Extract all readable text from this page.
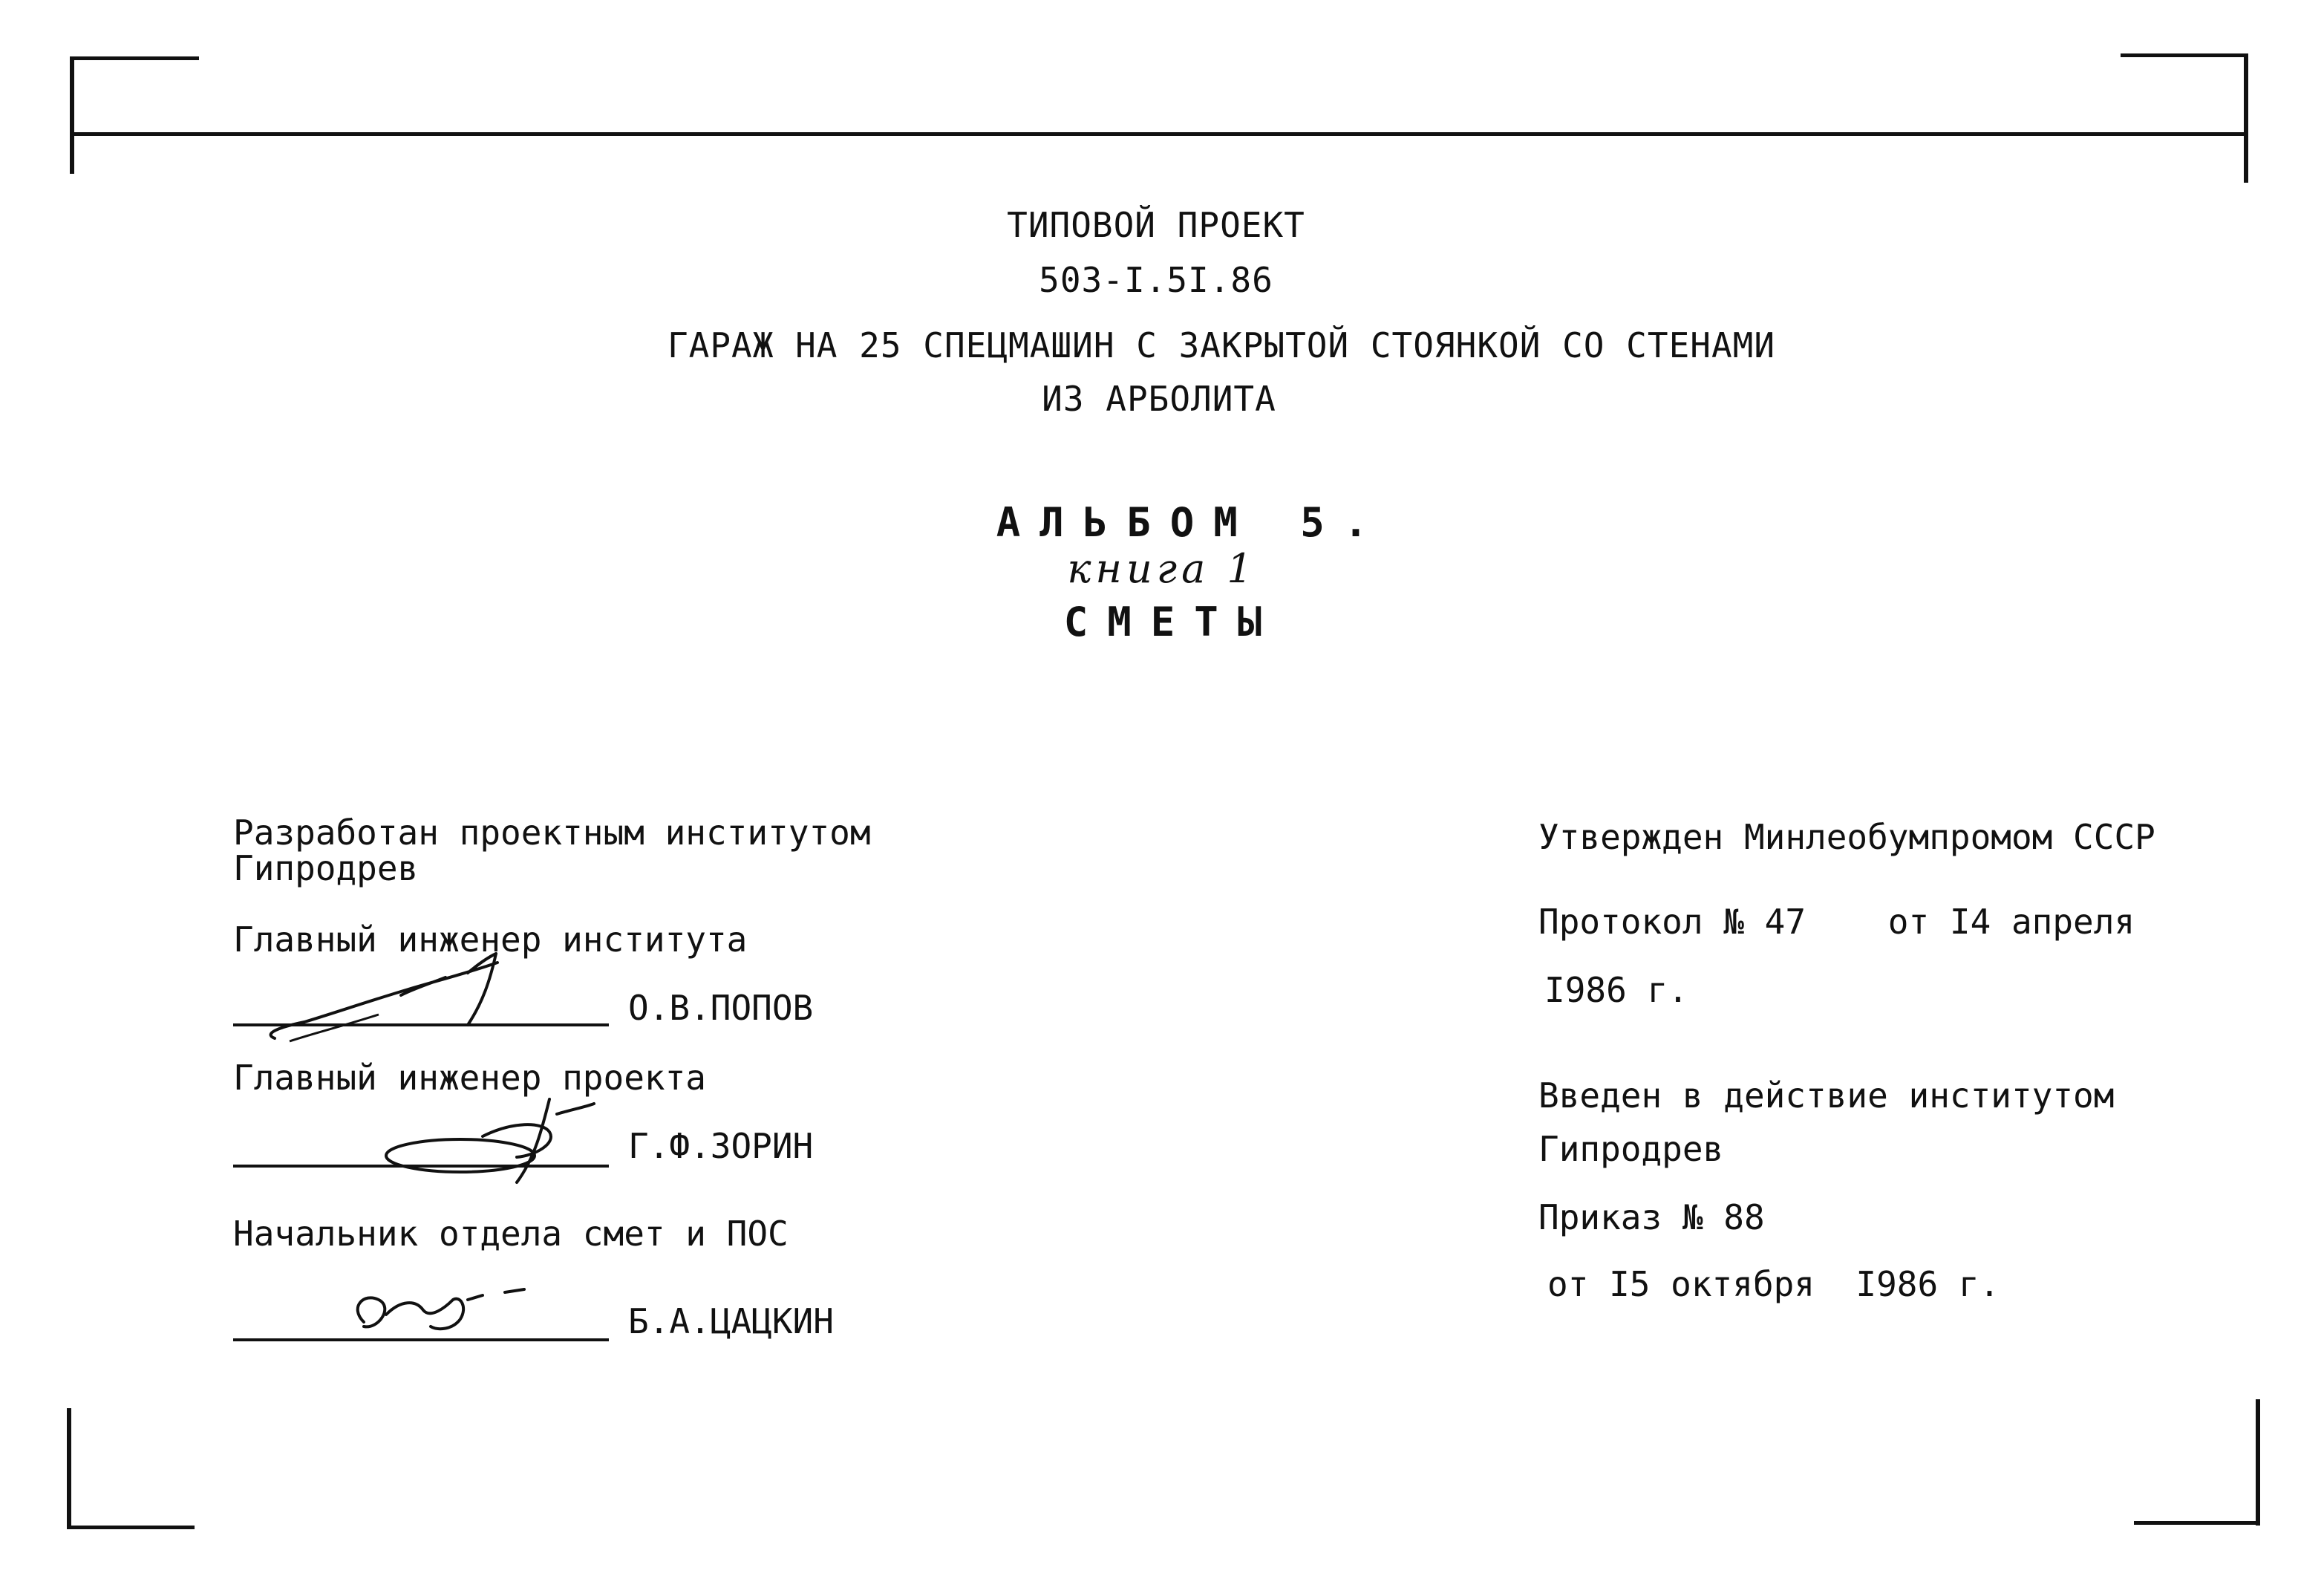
ТИПОВОЙ ПРОЕКТ
503-I.5I.86
ГАРАЖ НА 25 СПЕЦМАШИН С ЗАКРЫТОЙ СТОЯНКОЙ СО СТЕНАМИ
ИЗ АРБОЛИТА
АЛЬБОМ 5.
книга 1
СМЕТЫ
Разработан проектным институтом
Гипродрев
Главный инженер института
О.В.ПОПОВ
Главный инженер проекта
Г.Ф.ЗОРИН
Начальник отдела смет и ПОС
Б.А.ЦАЦКИН
Утвержден Минлеобумпромом СССР
Протокол № 47    от I4 апреля
I986 г.
Введен в действие институтом
Гипродрев
Приказ № 88
от I5 октября  I986 г.
